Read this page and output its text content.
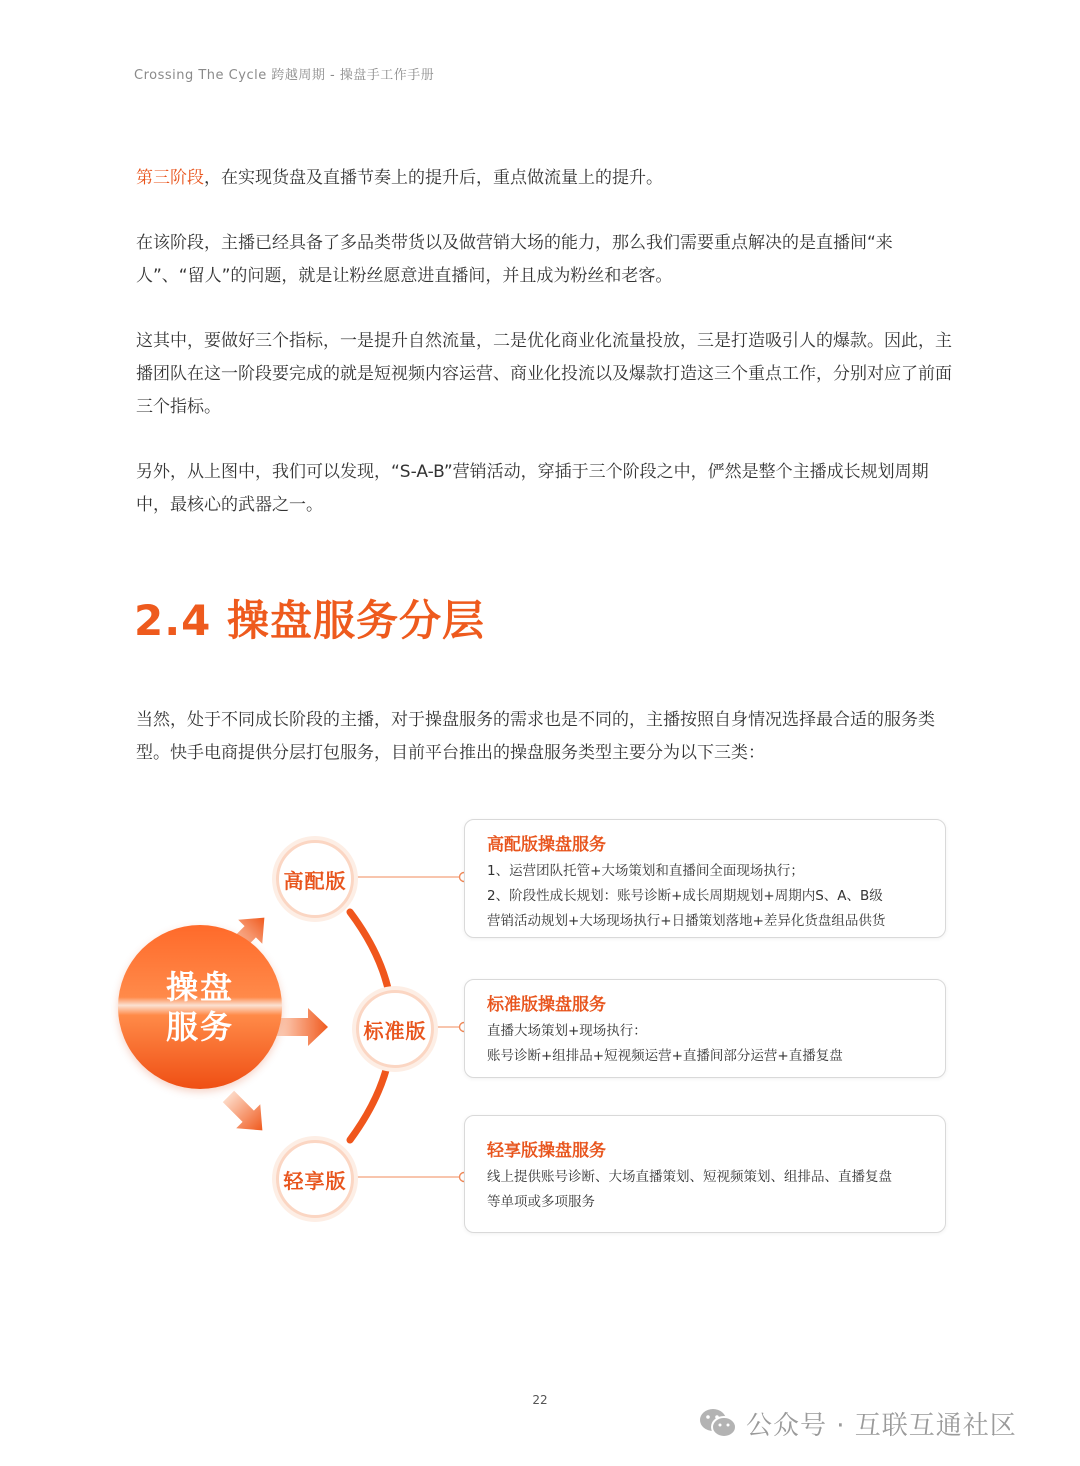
Crossing The Cycle 跨越周期 - 操盘手工作手册

第三阶段，在实现货盘及直播节奏上的提升后，重点做流量上的提升。

在该阶段，主播已经具备了多品类带货以及做营销大场的能力，那么我们需要重点解决的是直播间“来人”、“留人”的问题，就是让粉丝愿意进直播间，并且成为粉丝和老客。

这其中，要做好三个指标，一是提升自然流量，二是优化商业化流量投放，三是打造吸引人的爆款。因此，主播团队在这一阶段要完成的就是短视频内容运营、商业化投流以及爆款打造这三个重点工作，分别对应了前面三个指标。

另外，从上图中，我们可以发现，“S-A-B”营销活动，穿插于三个阶段之中，俨然是整个主播成长规划周期中，最核心的武器之一。

2.4 操盘服务分层

当然，处于不同成长阶段的主播，对于操盘服务的需求也是不同的，主播按照自身情况选择最合适的服务类型。快手电商提供分层打包服务，目前平台推出的操盘服务类型主要分为以下三类：

操盘
服务
高配版
标准版
轻享版

高配版操盘服务

1、运营团队托管+大场策划和直播间全面现场执行；

2、阶段性成长规划：账号诊断+成长周期规划+周期内S、A、B级

营销活动规划+大场现场执行+日播策划落地+差异化货盘组品供货

标准版操盘服务

直播大场策划+现场执行：

账号诊断+组排品+短视频运营+直播间部分运营+直播复盘

轻享版操盘服务

线上提供账号诊断、大场直播策划、短视频策划、组排品、直播复盘

等单项或多项服务

22
公众号 · 互联互通社区
